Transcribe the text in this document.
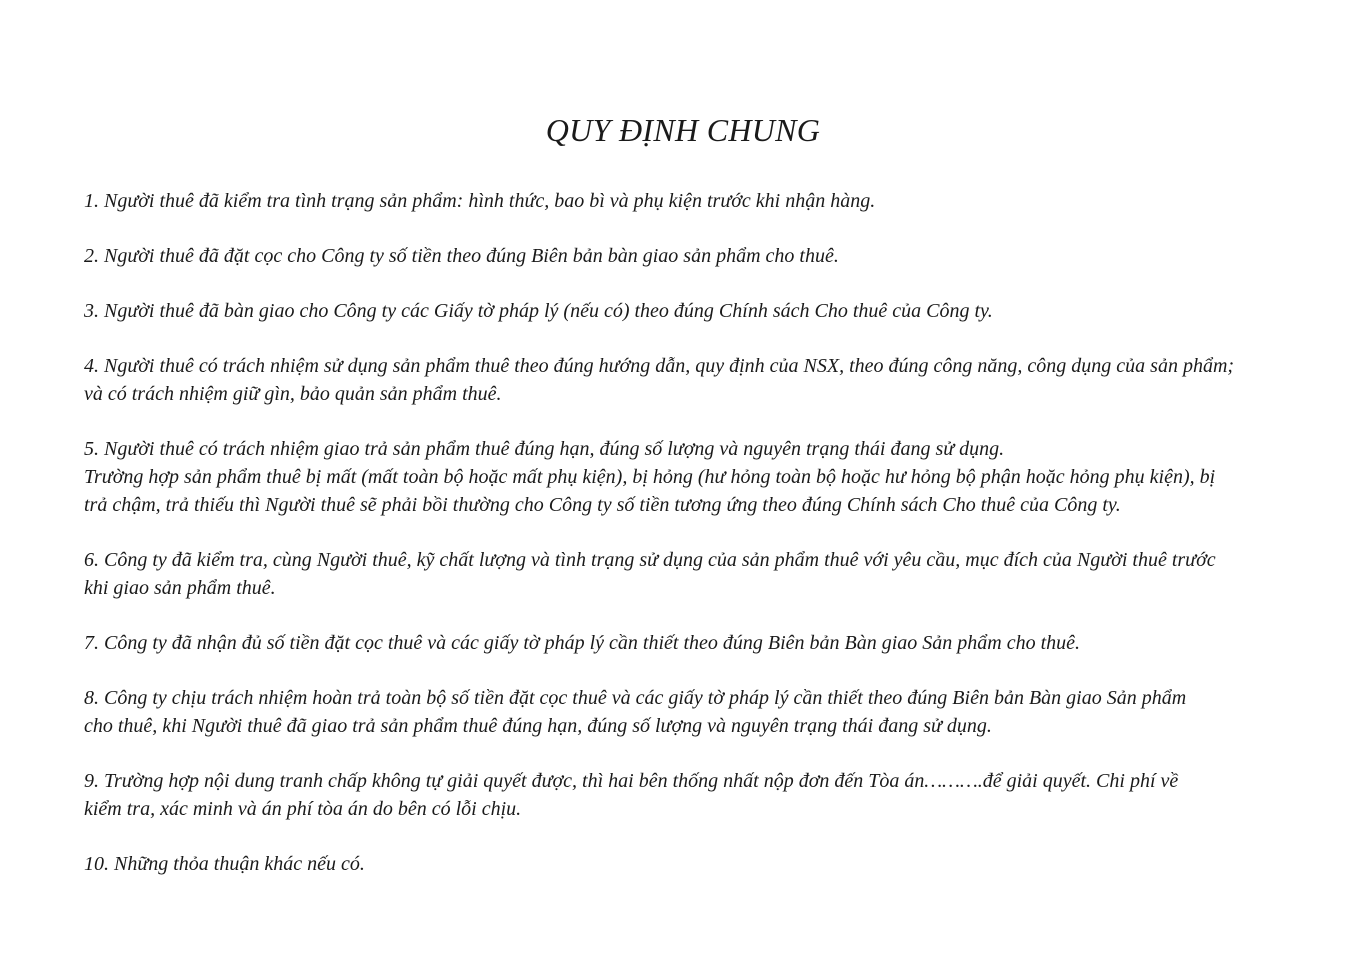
QUY ĐỊNH CHUNG

1. Người thuê đã kiểm tra tình trạng sản phẩm: hình thức, bao bì và phụ kiện trước khi nhận hàng.

2. Người thuê đã đặt cọc cho Công ty số tiền theo đúng Biên bản bàn giao sản phẩm cho thuê.

3. Người thuê đã bàn giao cho Công ty các Giấy tờ pháp lý (nếu có) theo đúng Chính sách Cho thuê của Công ty.

4. Người thuê có trách nhiệm sử dụng sản phẩm thuê theo đúng hướng dẫn, quy định của NSX, theo đúng công năng, công dụng của sản phẩm;
và có trách nhiệm giữ gìn, bảo quản sản phẩm thuê.

5. Người thuê có trách nhiệm giao trả sản phẩm thuê đúng hạn, đúng số lượng và nguyên trạng thái đang sử dụng.
Trường hợp sản phẩm thuê bị mất (mất toàn bộ hoặc mất phụ kiện), bị hỏng (hư hỏng toàn bộ hoặc hư hỏng bộ phận hoặc hỏng phụ kiện), bị
trả chậm, trả thiếu thì Người thuê sẽ phải bồi thường cho Công ty số tiền tương ứng theo đúng Chính sách Cho thuê của Công ty.

6. Công ty đã kiểm tra, cùng Người thuê, kỹ chất lượng và tình trạng sử dụng của sản phẩm thuê với yêu cầu, mục đích của Người thuê trước
khi giao sản phẩm thuê.

7. Công ty đã nhận đủ số tiền đặt cọc thuê và các giấy tờ pháp lý cần thiết theo đúng Biên bản Bàn giao Sản phẩm cho thuê.

8. Công ty chịu trách nhiệm hoàn trả toàn bộ số tiền đặt cọc thuê và các giấy tờ pháp lý cần thiết theo đúng Biên bản Bàn giao Sản phẩm
cho thuê, khi Người thuê đã giao trả sản phẩm thuê đúng hạn, đúng số lượng và nguyên trạng thái đang sử dụng.

9. Trường hợp nội dung tranh chấp không tự giải quyết được, thì hai bên thống nhất nộp đơn đến Tòa án……….để giải quyết. Chi phí về
kiểm tra, xác minh và án phí tòa án do bên có lỗi chịu.

10. Những thỏa thuận khác nếu có.
